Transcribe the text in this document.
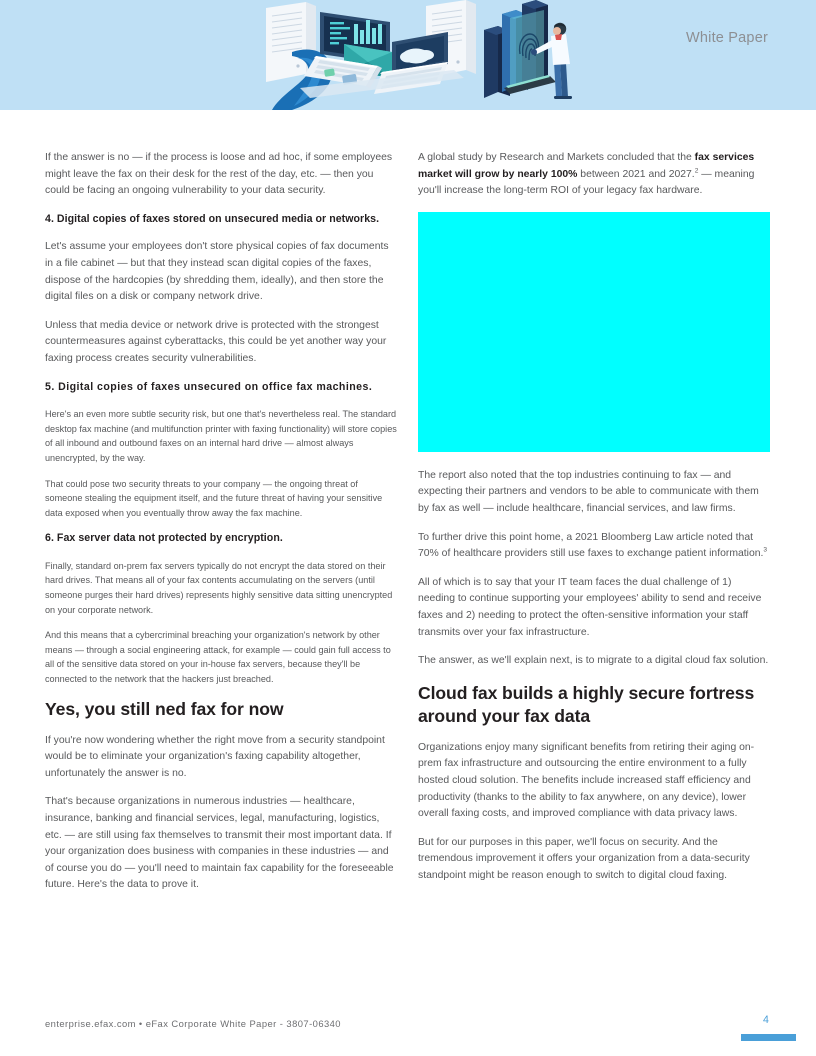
White Paper

If the answer is no — if the process is loose and ad hoc, if some employees might leave the fax on their desk for the rest of the day, etc. — then you could be facing an ongoing vulnerability to your data security.

4. Digital copies of faxes stored on unsecured media or networks.

Let's assume your employees don't store physical copies of fax documents in a file cabinet — but that they instead scan digital copies of the faxes, dispose of the hardcopies (by shredding them, ideally), and then store the digital files on a disk or company network drive.

Unless that media device or network drive is protected with the strongest countermeasures against cyberattacks, this could be yet another way your faxing process creates security vulnerabilities.

5. Digital copies of faxes unsecured on office fax machines.

Here's an even more subtle security risk, but one that's nevertheless real. The standard desktop fax machine (and multifunction printer with faxing functionality) will store copies of all inbound and outbound faxes on an internal hard drive — almost always unencrypted, by the way.

That could pose two security threats to your company — the ongoing threat of someone stealing the equipment itself, and the future threat of having your sensitive data exposed when you eventually throw away the fax machine.

6. Fax server data not protected by encryption.

Finally, standard on-prem fax servers typically do not encrypt the data stored on their hard drives. That means all of your fax contents accumulating on the servers (until someone purges their hard drives) represents highly sensitive data sitting unencrypted on your corporate network.

And this means that a cybercriminal breaching your organization's network by other means — through a social engineering attack, for example — could gain full access to all of the sensitive data stored on your in-house fax servers, because they'll be connected to the network that the hackers just breached.

Yes, you still ned fax for now

If you're now wondering whether the right move from a security standpoint would be to eliminate your organization's faxing capability altogether, unfortunately the answer is no.

That's because organizations in numerous industries — healthcare, insurance, banking and financial services, legal, manufacturing, logistics, etc. — are still using fax themselves to transmit their most important data. If your organization does business with companies in these industries — and of course you do — you'll need to maintain fax capability for the foreseeable future. Here's the data to prove it.

A global study by Research and Markets concluded that the fax services market will grow by nearly 100% between 2021 and 2027.$^2$ — meaning you'll increase the long-term ROI of your legacy fax hardware.

The report also noted that the top industries continuing to fax — and expecting their partners and vendors to be able to communicate with them by fax as well — include healthcare, financial services, and law firms.

To further drive this point home, a 2021 Bloomberg Law article noted that 70% of healthcare providers still use faxes to exchange patient information.$^3$

All of which is to say that your IT team faces the dual challenge of 1) needing to continue supporting your employees' ability to send and receive faxes and 2) needing to protect the often-sensitive information your staff transmits over your fax infrastructure.

The answer, as we'll explain next, is to migrate to a digital cloud fax solution.

Cloud fax builds a highly secure fortress around your fax data

Organizations enjoy many significant benefits from retiring their aging on-prem fax infrastructure and outsourcing the entire environment to a fully hosted cloud solution. The benefits include increased staff efficiency and productivity (thanks to the ability to fax anywhere, on any device), lower overall faxing costs, and improved compliance with data privacy laws.

But for our purposes in this paper, we'll focus on security. And the tremendous improvement it offers your organization from a data-security standpoint might be reason enough to switch to digital cloud faxing.

enterprise.efax.com • eFax Corporate White Paper - 3807-06340	4
